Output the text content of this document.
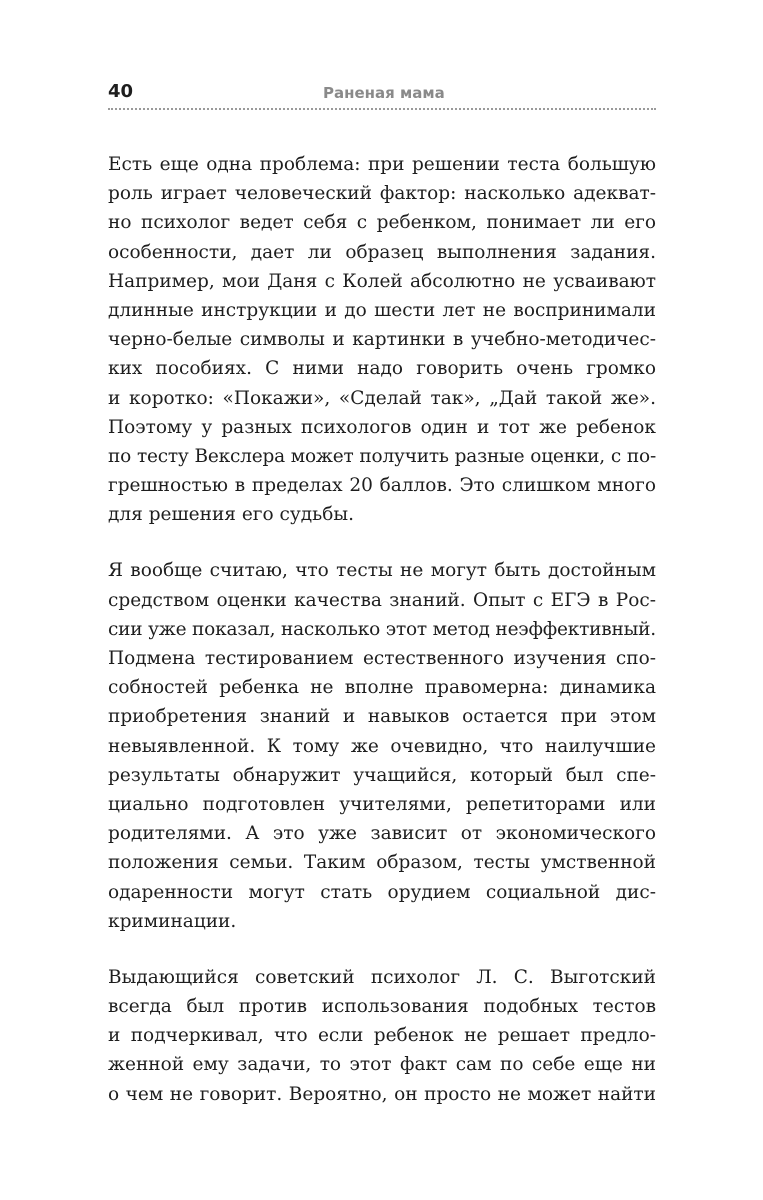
40	Раненая мама
Есть еще одна проблема: при решении теста большую
роль играет человеческий фактор: насколько адекват-
но психолог ведет себя с ребенком, понимает ли его
особенности, дает ли образец выполнения задания.
Например, мои Даня с Колей абсолютно не усваивают
длинные инструкции и до шести лет не воспринимали
черно-белые символы и картинки в учебно-методичес-
ких пособиях. С ними надо говорить очень громко
и коротко: «Покажи», «Сделай так», „Дай такой же».
Поэтому у разных психологов один и тот же ребенок
по тесту Векслера может получить разные оценки, с по-
грешностью в пределах 20 баллов. Это слишком много
для решения его судьбы.
Я вообще считаю, что тесты не могут быть достойным
средством оценки качества знаний. Опыт с ЕГЭ в Рос-
сии уже показал, насколько этот метод неэффективный.
Подмена тестированием естественного изучения спо-
собностей ребенка не вполне правомерна: динамика
приобретения знаний и навыков остается при этом
невыявленной. К тому же очевидно, что наилучшие
результаты обнаружит учащийся, который был спе-
циально подготовлен учителями, репетиторами или
родителями. А это уже зависит от экономического
положения семьи. Таким образом, тесты умственной
одаренности могут стать орудием социальной дис-
криминации.
Выдающийся советский психолог Л. С. Выготский
всегда был против использования подобных тестов
и подчеркивал, что если ребенок не решает предло-
женной ему задачи, то этот факт сам по себе еще ни
о чем не говорит. Вероятно, он просто не может найти
